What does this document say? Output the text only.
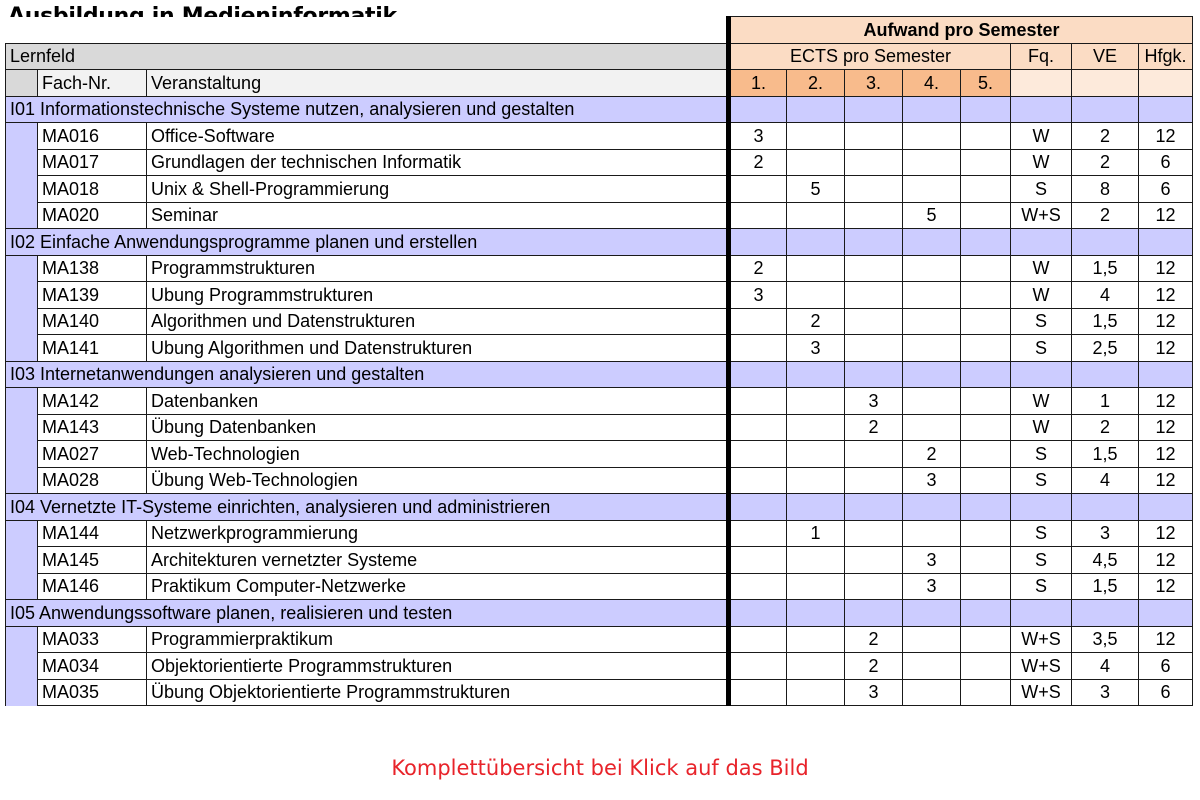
			Aufwand pro Semester							
Lernfeld			ECTS pro Semester					Fq.	VE	Hfgk.
	Fach-Nr.	Veranstaltung	1.	2.	3.	4.	5.			
I01 Informationstechnische Systeme nutzen, analysieren und gestalten										
	MA016	Office-Software	3					W	2	12
	MA017	Grundlagen der technischen Informatik	2					W	2	6
	MA018	Unix & Shell-Programmierung		5				S	8	6
	MA020	Seminar				5		W+S	2	12
I02 Einfache Anwendungsprogramme planen und erstellen										
	MA138	Programmstrukturen	2					W	1,5	12
	MA139	Ubung Programmstrukturen	3					W	4	12
	MA140	Algorithmen und Datenstrukturen		2				S	1,5	12
	MA141	Ubung Algorithmen und Datenstrukturen		3				S	2,5	12
I03 Internetanwendungen analysieren und gestalten										
	MA142	Datenbanken			3			W	1	12
	MA143	Übung Datenbanken			2			W	2	12
	MA027	Web-Technologien				2		S	1,5	12
	MA028	Übung Web-Technologien				3		S	4	12
I04 Vernetzte IT-Systeme einrichten, analysieren und administrieren										
	MA144	Netzwerkprogrammierung		1				S	3	12
	MA145	Architekturen vernetzter Systeme				3		S	4,5	12
	MA146	Praktikum Computer-Netzwerke				3		S	1,5	12
I05 Anwendungssoftware planen, realisieren und testen										
	MA033	Programmierpraktikum			2			W+S	3,5	12
	MA034	Objektorientierte Programmstrukturen			2			W+S	4	6
	MA035	Übung Objektorientierte Programmstrukturen			3			W+S	3	6
Komplettübersicht bei Klick auf das Bild
